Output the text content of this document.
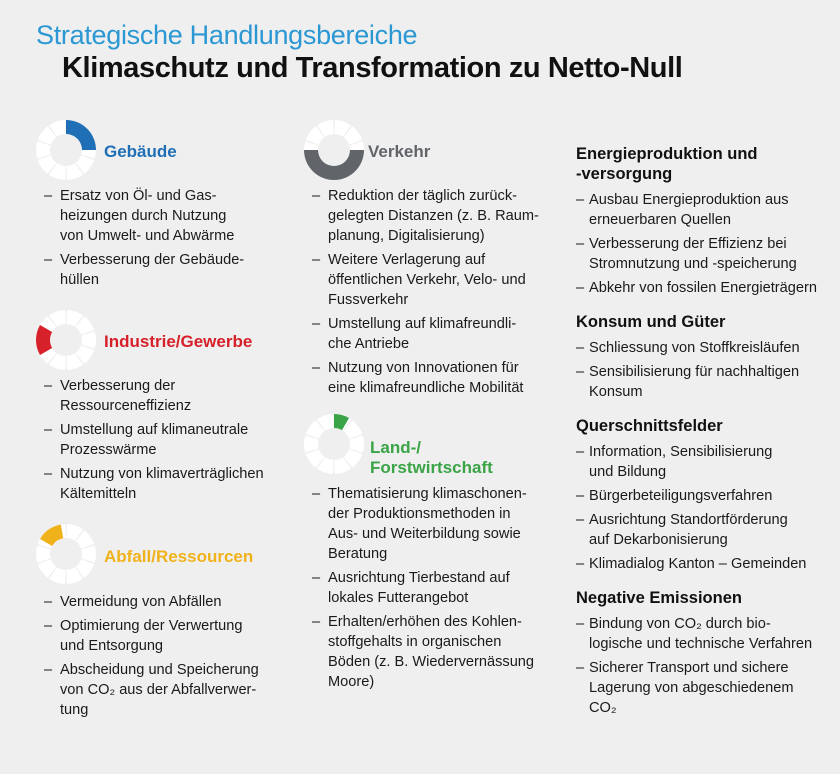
Strategische Handlungsbereiche
Klimaschutz und Transformation zu Netto-Null
Gebäude
– Ersatz von Öl- und Gas-
heizungen durch Nutzung
von Umwelt- und Abwärme
– Verbesserung der Gebäude-
hüllen
Industrie/Gewerbe
– Verbesserung der
Ressourceneffizienz
– Umstellung auf klimaneutrale
Prozesswärme
– Nutzung von klimaverträglichen
Kältemitteln
Abfall/Ressourcen
– Vermeidung von Abfällen
– Optimierung der Verwertung
und Entsorgung
– Abscheidung und Speicherung
von CO₂ aus der Abfallverwer-
tung
Verkehr
– Reduktion der täglich zurück-
gelegten Distanzen (z. B. Raum-
planung, Digitalisierung)
– Weitere Verlagerung auf
öffentlichen Verkehr, Velo- und
Fussverkehr
– Umstellung auf klimafreundli-
che Antriebe
– Nutzung von Innovationen für
eine klimafreundliche Mobilität
Land-/
Forstwirtschaft
– Thematisierung klimaschonen-
der Produktionsmethoden in
Aus- und Weiterbildung sowie
Beratung
– Ausrichtung Tierbestand auf
lokales Futterangebot
– Erhalten/erhöhen des Kohlen-
stoffgehalts in organischen
Böden (z. B. Wiedervernässung
Moore)
Energieproduktion und
-versorgung
– Ausbau Energieproduktion aus
erneuerbaren Quellen
– Verbesserung der Effizienz bei
Stromnutzung und -speicherung
– Abkehr von fossilen Energieträgern
Konsum und Güter
– Schliessung von Stoffkreisläufen
– Sensibilisierung für nachhaltigen
Konsum
Querschnittsfelder
– Information, Sensibilisierung
und Bildung
– Bürgerbeteiligungsverfahren
– Ausrichtung Standortförderung
auf Dekarbonisierung
– Klimadialog Kanton – Gemeinden
Negative Emissionen
– Bindung von CO₂ durch bio-
logische und technische Verfahren
– Sicherer Transport und sichere
Lagerung von abgeschiedenem
CO₂
